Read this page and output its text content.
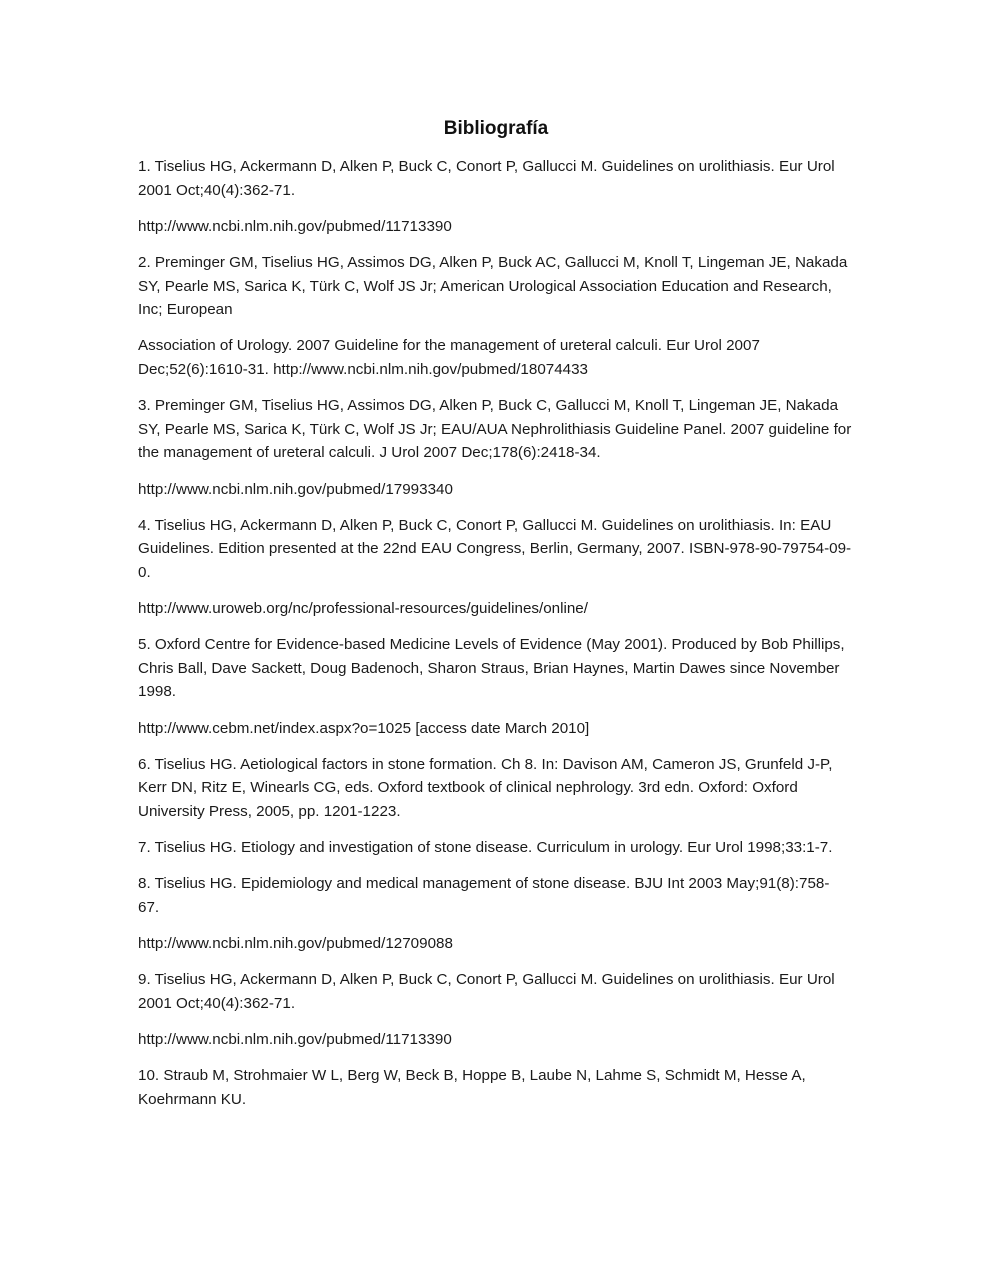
Bibliografía

1. Tiselius HG, Ackermann D, Alken P, Buck C, Conort P, Gallucci M. Guidelines on urolithiasis. Eur Urol 2001 Oct;40(4):362-71.

http://www.ncbi.nlm.nih.gov/pubmed/11713390

2. Preminger GM, Tiselius HG, Assimos DG, Alken P, Buck AC, Gallucci M, Knoll T, Lingeman JE, Nakada SY, Pearle MS, Sarica K, Türk C, Wolf JS Jr; American Urological Association Education and Research, Inc; European

Association of Urology. 2007 Guideline for the management of ureteral calculi. Eur Urol 2007 Dec;52(6):1610-31. http://www.ncbi.nlm.nih.gov/pubmed/18074433

3. Preminger GM, Tiselius HG, Assimos DG, Alken P, Buck C, Gallucci M, Knoll T, Lingeman JE, Nakada SY, Pearle MS, Sarica K, Türk C, Wolf JS Jr; EAU/AUA Nephrolithiasis Guideline Panel. 2007 guideline for the management of ureteral calculi. J Urol 2007 Dec;178(6):2418-34.

http://www.ncbi.nlm.nih.gov/pubmed/17993340

4. Tiselius HG, Ackermann D, Alken P, Buck C, Conort P, Gallucci M. Guidelines on urolithiasis. In: EAU Guidelines. Edition presented at the 22nd EAU Congress, Berlin, Germany, 2007. ISBN-978-90-79754-09-0.

http://www.uroweb.org/nc/professional-resources/guidelines/online/

5. Oxford Centre for Evidence-based Medicine Levels of Evidence (May 2001). Produced by Bob Phillips, Chris Ball, Dave Sackett, Doug Badenoch, Sharon Straus, Brian Haynes, Martin Dawes since November 1998.

http://www.cebm.net/index.aspx?o=1025 [access date March 2010]

6. Tiselius HG. Aetiological factors in stone formation. Ch 8. In: Davison AM, Cameron JS, Grunfeld J-P, Kerr DN, Ritz E, Winearls CG, eds. Oxford textbook of clinical nephrology. 3rd edn. Oxford: Oxford University Press, 2005, pp. 1201-1223.

7. Tiselius HG. Etiology and investigation of stone disease. Curriculum in urology. Eur Urol 1998;33:1-7.

8. Tiselius HG. Epidemiology and medical management of stone disease. BJU Int 2003 May;91(8):758- 67.

http://www.ncbi.nlm.nih.gov/pubmed/12709088

9. Tiselius HG, Ackermann D, Alken P, Buck C, Conort P, Gallucci M. Guidelines on urolithiasis. Eur Urol 2001 Oct;40(4):362-71.

http://www.ncbi.nlm.nih.gov/pubmed/11713390

10. Straub M, Strohmaier W L, Berg W, Beck B, Hoppe B, Laube N, Lahme S, Schmidt M, Hesse A, Koehrmann KU.
